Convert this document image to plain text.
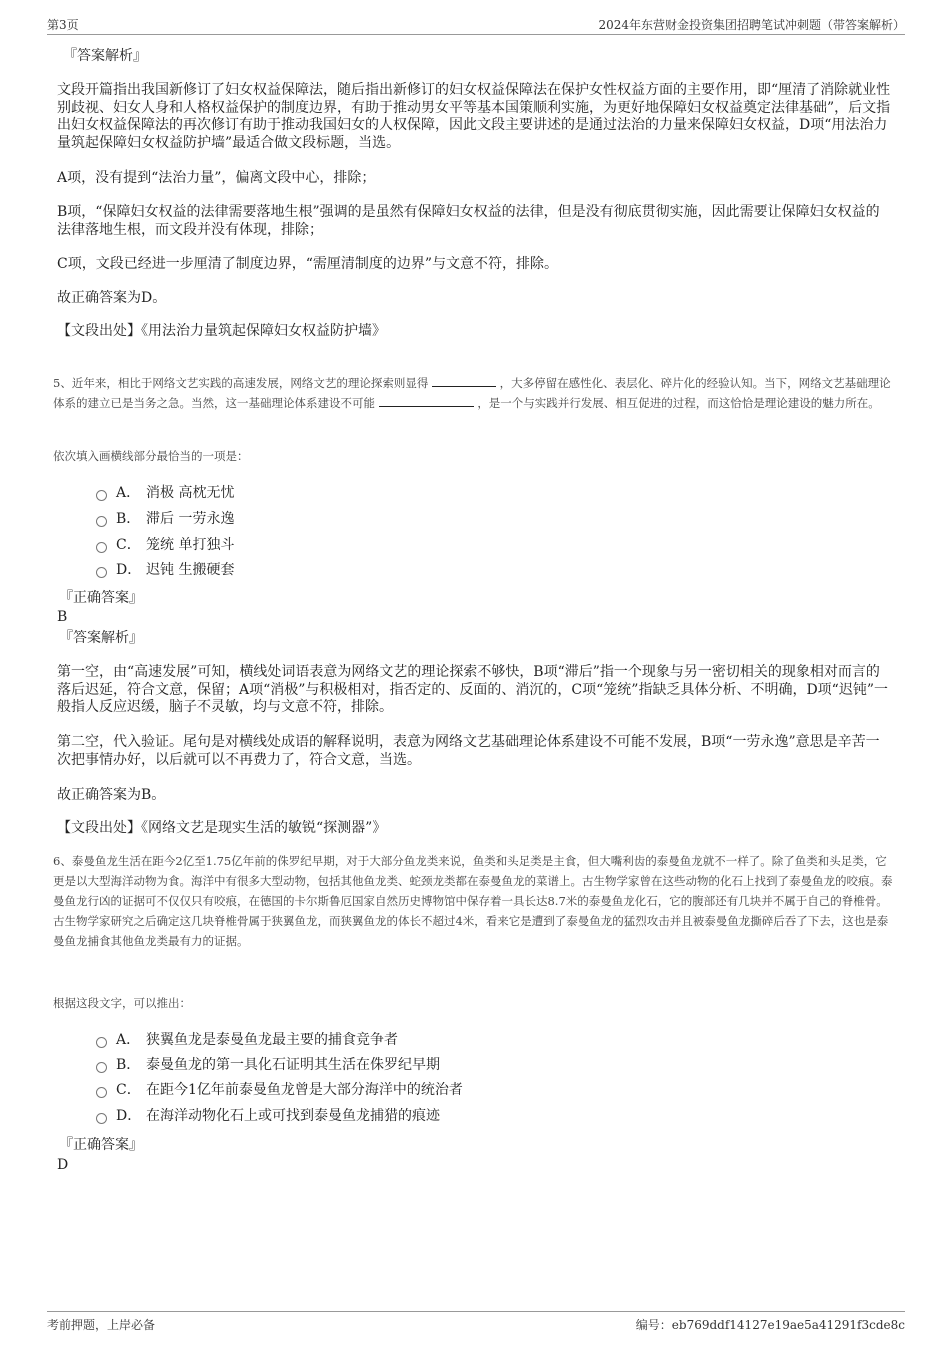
第3页	2024年东营财金投资集团招聘笔试冲刺题（带答案解析）
『答案解析』

文段开篇指出我国新修订了妇女权益保障法，随后指出新修订的妇女权益保障法在保护女性权益方面的主要作用，即“厘清了消除就业性别歧视、妇女人身和人格权益保护的制度边界，有助于推动男女平等基本国策顺利实施，为更好地保障妇女权益奠定法律基础”，后文指出妇女权益保障法的再次修订有助于推动我国妇女的人权保障，因此文段主要讲述的是通过法治的力量来保障妇女权益，D项“用法治力量筑起保障妇女权益防护墙”最适合做文段标题，当选。

A项，没有提到“法治力量”，偏离文段中心，排除；

B项，“保障妇女权益的法律需要落地生根”强调的是虽然有保障妇女权益的法律，但是没有彻底贯彻实施，因此需要让保障妇女权益的法律落地生根，而文段并没有体现，排除；

C项，文段已经进一步厘清了制度边界，“需厘清制度的边界”与文意不符，排除。

故正确答案为D。

【文段出处】《用法治力量筑起保障妇女权益防护墙》

5、近年来，相比于网络文艺实践的高速发展，网络文艺的理论探索则显得	，大多停留在感性化、表层化、碎片化的经验认知。当下，网络文艺基础理论体系的建立已是当务之急。当然，这一基础理论体系建设不可能	，是一个与实践并行发展、相互促进的过程，而这恰恰是理论建设的魅力所在。

依次填入画横线部分最恰当的一项是：

A． 消极 高枕无忧
B． 滞后 一劳永逸
C． 笼统 单打独斗
D． 迟钝 生搬硬套
『正确答案』
B
『答案解析』

第一空，由“高速发展”可知，横线处词语表意为网络文艺的理论探索不够快，B项“滞后”指一个现象与另一密切相关的现象相对而言的落后迟延，符合文意，保留；A项“消极”与积极相对，指否定的、反面的、消沉的，C项“笼统”指缺乏具体分析、不明确，D项“迟钝”一般指人反应迟缓，脑子不灵敏，均与文意不符，排除。

第二空，代入验证。尾句是对横线处成语的解释说明，表意为网络文艺基础理论体系建设不可能不发展，B项“一劳永逸”意思是辛苦一次把事情办好，以后就可以不再费力了，符合文意，当选。

故正确答案为B。

【文段出处】《网络文艺是现实生活的敏锐“探测器”》

6、泰曼鱼龙生活在距今2亿至1.75亿年前的侏罗纪早期，对于大部分鱼龙类来说，鱼类和头足类是主食，但大嘴利齿的泰曼鱼龙就不一样了。除了鱼类和头足类，它更是以大型海洋动物为食。海洋中有很多大型动物，包括其他鱼龙类、蛇颈龙类都在泰曼鱼龙的菜谱上。古生物学家曾在这些动物的化石上找到了泰曼鱼龙的咬痕。泰曼鱼龙行凶的证据可不仅仅只有咬痕，在德国的卡尔斯鲁厄国家自然历史博物馆中保存着一具长达8.7米的泰曼鱼龙化石，它的腹部还有几块并不属于自己的脊椎骨。古生物学家研究之后确定这几块脊椎骨属于狭翼鱼龙，而狭翼鱼龙的体长不超过4米，看来它是遭到了泰曼鱼龙的猛烈攻击并且被泰曼鱼龙撕碎后吞了下去，这也是泰曼鱼龙捕食其他鱼龙类最有力的证据。

根据这段文字，可以推出：

A． 狭翼鱼龙是泰曼鱼龙最主要的捕食竞争者
B． 泰曼鱼龙的第一具化石证明其生活在侏罗纪早期
C． 在距今1亿年前泰曼鱼龙曾是大部分海洋中的统治者
D． 在海洋动物化石上或可找到泰曼鱼龙捕猎的痕迹
『正确答案』
D
考前押题，上岸必备	编号：eb769ddf14127e19ae5a41291f3cde8c
